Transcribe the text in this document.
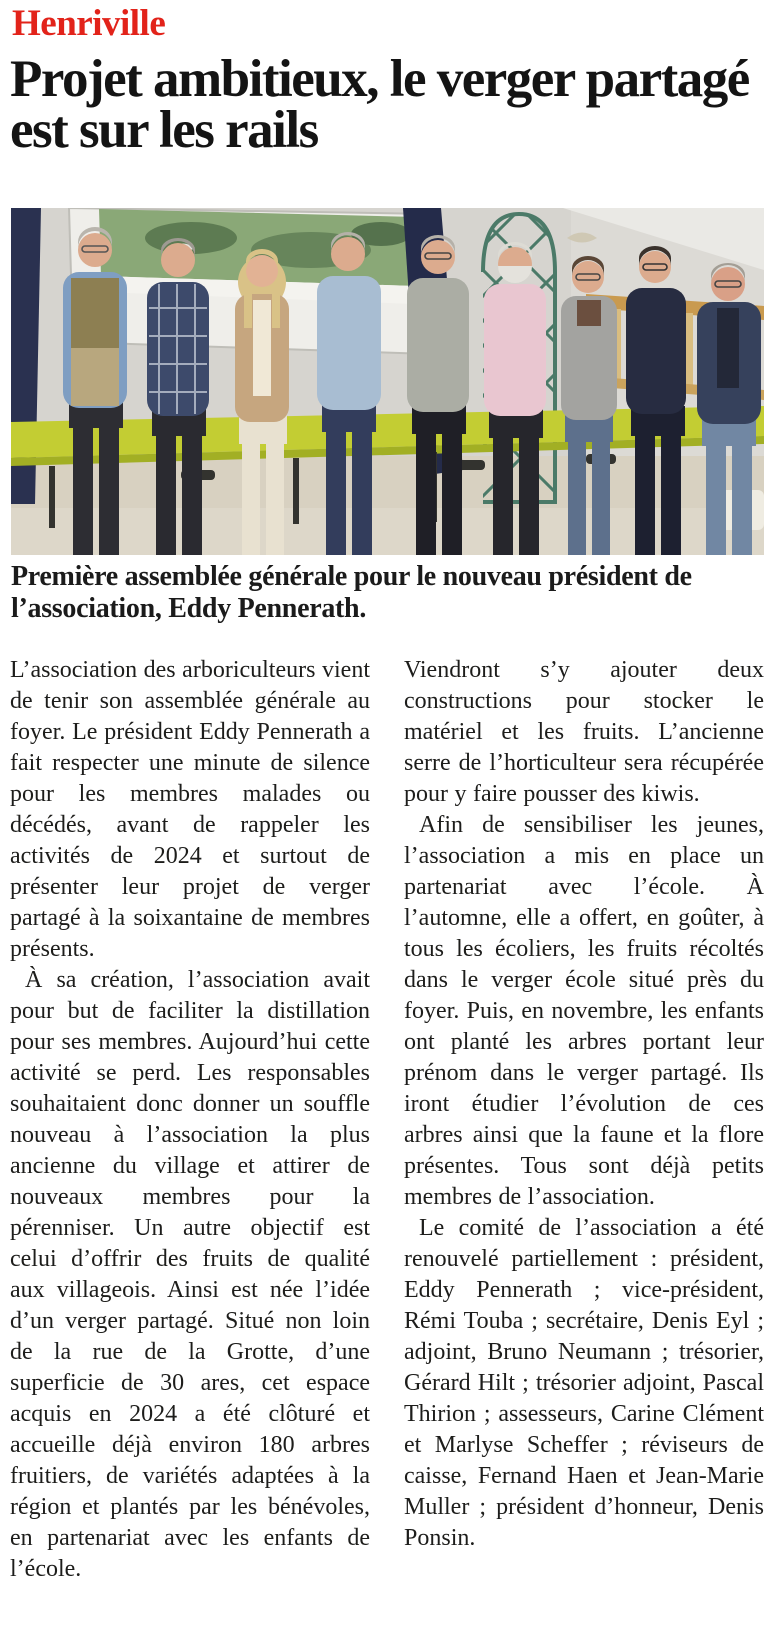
Henriville
Projet ambitieux, le verger partagé est sur les rails
Première assemblée générale pour le nouveau président de l’association, Eddy Pennerath.

L’association des arboriculteurs vient de tenir son assemblée générale au foyer. Le président Eddy Pennerath a fait respecter une minute de silence pour les membres malades ou décédés, avant de rappeler les activités de 2024 et surtout de présenter leur projet de verger partagé à la soixantaine de membres présents.

À sa création, l’association avait pour but de faciliter la distillation pour ses membres. Aujourd’hui cette activité se perd. Les responsables souhaitaient donc donner un souffle nouveau à l’association la plus ancienne du village et attirer de nouveaux membres pour la pérenniser. Un autre objectif est celui d’offrir des fruits de qualité aux villageois. Ainsi est née l’idée d’un verger partagé. Situé non loin de la rue de la Grotte, d’une superficie de 30 ares, cet espace acquis en 2024 a été clôturé et accueille déjà environ 180 arbres fruitiers, de variétés adaptées à la région et plantés par les bénévoles, en partenariat avec les enfants de l’école.

Viendront s’y ajouter deux constructions pour stocker le matériel et les fruits. L’ancienne serre de l’horticulteur sera récupérée pour y faire pousser des kiwis.

Afin de sensibiliser les jeunes, l’association a mis en place un partenariat avec l’école. À l’automne, elle a offert, en goûter, à tous les écoliers, les fruits récoltés dans le verger école situé près du foyer. Puis, en novembre, les enfants ont planté les arbres portant leur prénom dans le verger partagé. Ils iront étudier l’évolution de ces arbres ainsi que la faune et la flore présentes. Tous sont déjà petits membres de l’association.

Le comité de l’association a été renouvelé partiellement : président, Eddy Pennerath ; vice-président, Rémi Touba ; secrétaire, Denis Eyl ; adjoint, Bruno Neumann ; trésorier, Gérard Hilt ; trésorier adjoint, Pascal Thirion ; assesseurs, Carine Clément et Marlyse Scheffer ; réviseurs de caisse, Fernand Haen et Jean-Marie Muller ; président d’honneur, Denis Ponsin.
